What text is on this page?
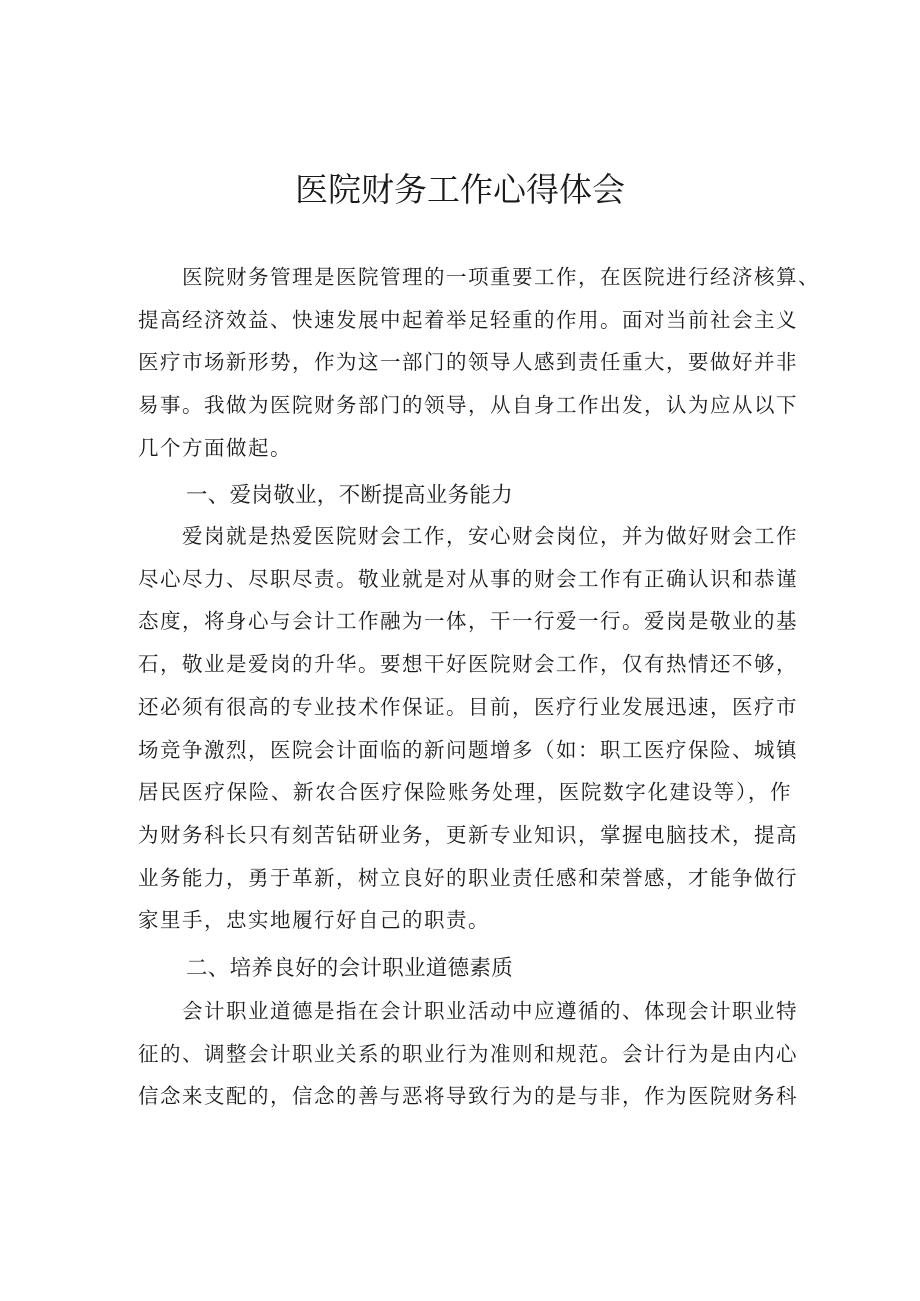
医院财务工作心得体会
医院财务管理是医院管理的一项重要工作，在医院进行经济核算、
提高经济效益、快速发展中起着举足轻重的作用。面对当前社会主义
医疗市场新形势，作为这一部门的领导人感到责任重大，要做好并非
易事。我做为医院财务部门的领导，从自身工作出发，认为应从以下
几个方面做起。
一、爱岗敬业，不断提高业务能力
爱岗就是热爱医院财会工作，安心财会岗位，并为做好财会工作
尽心尽力、尽职尽责。敬业就是对从事的财会工作有正确认识和恭谨
态度，将身心与会计工作融为一体，干一行爱一行。爱岗是敬业的基
石，敬业是爱岗的升华。要想干好医院财会工作，仅有热情还不够，
还必须有很高的专业技术作保证。目前，医疗行业发展迅速，医疗市
场竞争激烈，医院会计面临的新问题增多（如：职工医疗保险、城镇
居民医疗保险、新农合医疗保险账务处理，医院数字化建设等），作
为财务科长只有刻苦钻研业务，更新专业知识，掌握电脑技术，提高
业务能力，勇于革新，树立良好的职业责任感和荣誉感，才能争做行
家里手，忠实地履行好自己的职责。
二、培养良好的会计职业道德素质
会计职业道德是指在会计职业活动中应遵循的、体现会计职业特
征的、调整会计职业关系的职业行为准则和规范。会计行为是由内心
信念来支配的，信念的善与恶将导致行为的是与非，作为医院财务科
